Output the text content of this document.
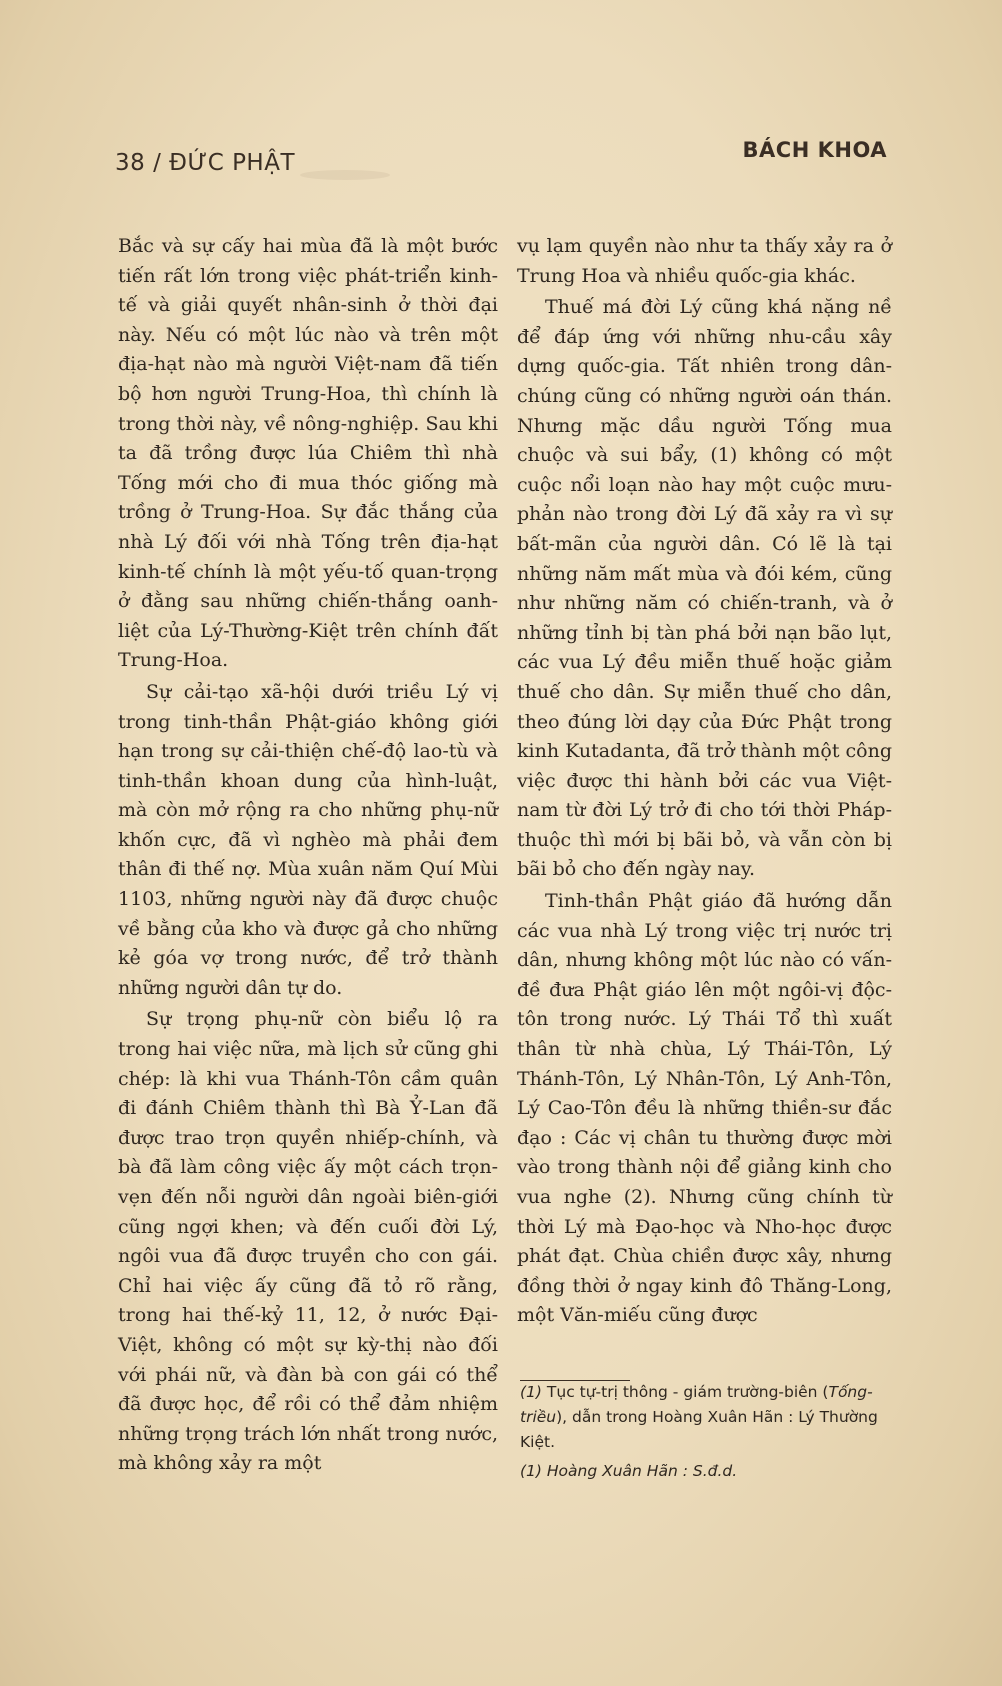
38 / ĐỨC PHẬT	BÁCH KHOA

Bắc và sự cấy hai mùa đã là một bước tiến rất lớn trong việc phát-triển kinh-tế và giải quyết nhân-sinh ở thời đại này. Nếu có một lúc nào và trên một địa-hạt nào mà người Việt-nam đã tiến bộ hơn người Trung-Hoa, thì chính là trong thời này, về nông-nghiệp. Sau khi ta đã trồng được lúa Chiêm thì nhà Tống mới cho đi mua thóc giống mà trồng ở Trung-Hoa. Sự đắc thắng của nhà Lý đối với nhà Tống trên địa-hạt kinh-tế chính là một yếu-tố quan-trọng ở đằng sau những chiến-thắng oanh-liệt của Lý-Thường-Kiệt trên chính đất Trung-Hoa.

Sự cải-tạo xã-hội dưới triều Lý vị trong tinh-thần Phật-giáo không giới hạn trong sự cải-thiện chế-độ lao-tù và tinh-thần khoan dung của hình-luật, mà còn mở rộng ra cho những phụ-nữ khốn cực, đã vì nghèo mà phải đem thân đi thế nợ. Mùa xuân năm Quí Mùi 1103, những người này đã được chuộc về bằng của kho và được gả cho những kẻ góa vợ trong nước, để trở thành những người dân tự do.

Sự trọng phụ-nữ còn biểu lộ ra trong hai việc nữa, mà lịch sử cũng ghi chép: là khi vua Thánh-Tôn cầm quân đi đánh Chiêm thành thì Bà Ỷ-Lan đã được trao trọn quyền nhiếp-chính, và bà đã làm công việc ấy một cách trọn-vẹn đến nỗi người dân ngoài biên-giới cũng ngợi khen; và đến cuối đời Lý, ngôi vua đã được truyền cho con gái. Chỉ hai việc ấy cũng đã tỏ rõ rằng, trong hai thế-kỷ 11, 12, ở nước Đại-Việt, không có một sự kỳ-thị nào đối với phái nữ, và đàn bà con gái có thể đã được học, để rồi có thể đảm nhiệm những trọng trách lớn nhất trong nước, mà không xảy ra một

vụ lạm quyền nào như ta thấy xảy ra ở Trung Hoa và nhiều quốc-gia khác.

Thuế má đời Lý cũng khá nặng nề để đáp ứng với những nhu-cầu xây dựng quốc-gia. Tất nhiên trong dân-chúng cũng có những người oán thán. Nhưng mặc dầu người Tống mua chuộc và sui bẩy, (1) không có một cuộc nổi loạn nào hay một cuộc mưu-phản nào trong đời Lý đã xảy ra vì sự bất-mãn của người dân. Có lẽ là tại những năm mất mùa và đói kém, cũng như những năm có chiến-tranh, và ở những tỉnh bị tàn phá bởi nạn bão lụt, các vua Lý đều miễn thuế hoặc giảm thuế cho dân. Sự miễn thuế cho dân, theo đúng lời dạy của Đức Phật trong kinh Kutadanta, đã trở thành một công việc được thi hành bởi các vua Việt-nam từ đời Lý trở đi cho tới thời Pháp-thuộc thì mới bị bãi bỏ, và vẫn còn bị bãi bỏ cho đến ngày nay.

Tinh-thần Phật giáo đã hướng dẫn các vua nhà Lý trong việc trị nước trị dân, nhưng không một lúc nào có vấn-đề đưa Phật giáo lên một ngôi-vị độc-tôn trong nước. Lý Thái Tổ thì xuất thân từ nhà chùa, Lý Thái-Tôn, Lý Thánh-Tôn, Lý Nhân-Tôn, Lý Anh-Tôn, Lý Cao-Tôn đều là những thiền-sư đắc đạo : Các vị chân tu thường được mời vào trong thành nội để giảng kinh cho vua nghe (2). Nhưng cũng chính từ thời Lý mà Đạo-học và Nho-học được phát đạt. Chùa chiền được xây, nhưng đồng thời ở ngay kinh đô Thăng-Long, một Văn-miếu cũng được

(1) Tục tự-trị thông - giám trường-biên (Tống-triều), dẫn trong Hoàng Xuân Hãn : Lý Thường Kiệt.

(1) Hoàng Xuân Hãn : S.đ.d.
